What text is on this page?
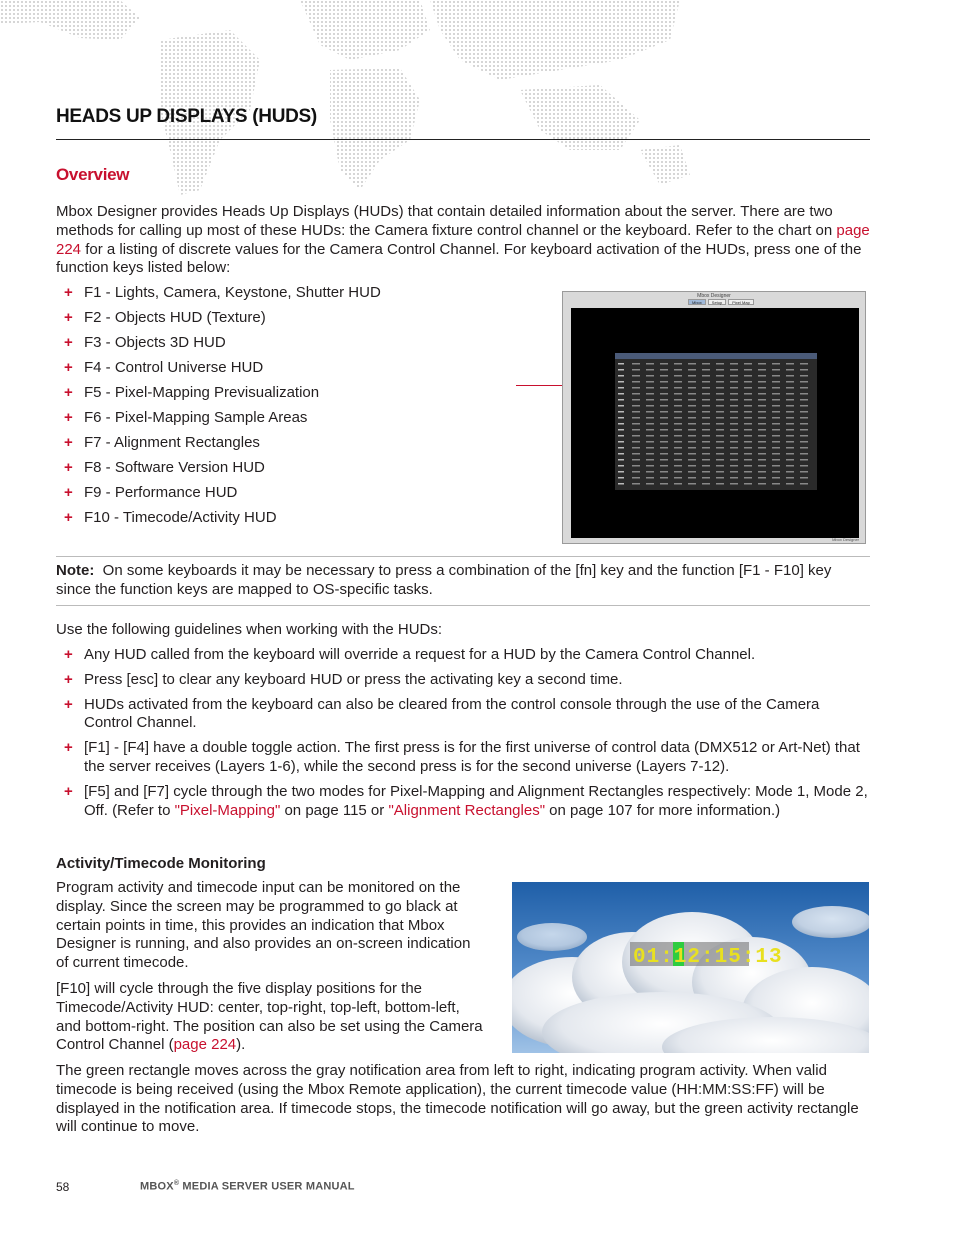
HEADS UP DISPLAYS (HUDS)
Overview

Mbox Designer provides Heads Up Displays (HUDs) that contain detailed information about the server. There are two methods for calling up most of these HUDs: the Camera fixture control channel or the keyboard. Refer to the chart on page 224 for a listing of discrete values for the Camera Control Channel. For keyboard activation of the HUDs, press one of the function keys listed below:

+ F1 - Lights, Camera, Keystone, Shutter HUD
+ F2 - Objects HUD (Texture)
+ F3 - Objects 3D HUD
+ F4 - Control Universe HUD
+ F5 - Pixel-Mapping Previsualization
+ F6 - Pixel-Mapping Sample Areas
+ F7 - Alignment Rectangles
+ F8 - Software Version HUD
+ F9 - Performance HUD
+ F10 - Timecode/Activity HUD
Mbox Designer
Mbox	Setup	Pixel Map
Mbox Designer

Note: On some keyboards it may be necessary to press a combination of the [fn] key and the function [F1 - F10] key since the function keys are mapped to OS-specific tasks.

Use the following guidelines when working with the HUDs:

+ Any HUD called from the keyboard will override a request for a HUD by the Camera Control Channel.
+ Press [esc] to clear any keyboard HUD or press the activating key a second time.
+ HUDs activated from the keyboard can also be cleared from the control console through the use of the Camera Control Channel.
+ [F1] - [F4] have a double toggle action. The first press is for the first universe of control data (DMX512 or Art-Net) that the server receives (Layers 1-6), while the second press is for the second universe (Layers 7-12).
+ [F5] and [F7] cycle through the two modes for Pixel-Mapping and Alignment Rectangles respectively: Mode 1, Mode 2, Off. (Refer to "Pixel-Mapping" on page 115 or "Alignment Rectangles" on page 107 for more information.)
Activity/Timecode Monitoring

Program activity and timecode input can be monitored on the display. Since the screen may be programmed to go black at certain points in time, this provides an indication that Mbox Designer is running, and also provides an on-screen indication of current timecode.

[F10] will cycle through the five display positions for the Timecode/Activity HUD: center, top-right, top-left, bottom-left, and bottom-right. The position can also be set using the Camera Control Channel (page 224).

01:12:15:13

The green rectangle moves across the gray notification area from left to right, indicating program activity. When valid timecode is being received (using the Mbox Remote application), the current timecode value (HH:MM:SS:FF) will be displayed in the notification area. If timecode stops, the timecode notification will go away, but the green activity rectangle will continue to move.

58	MBOX® MEDIA SERVER USER MANUAL
